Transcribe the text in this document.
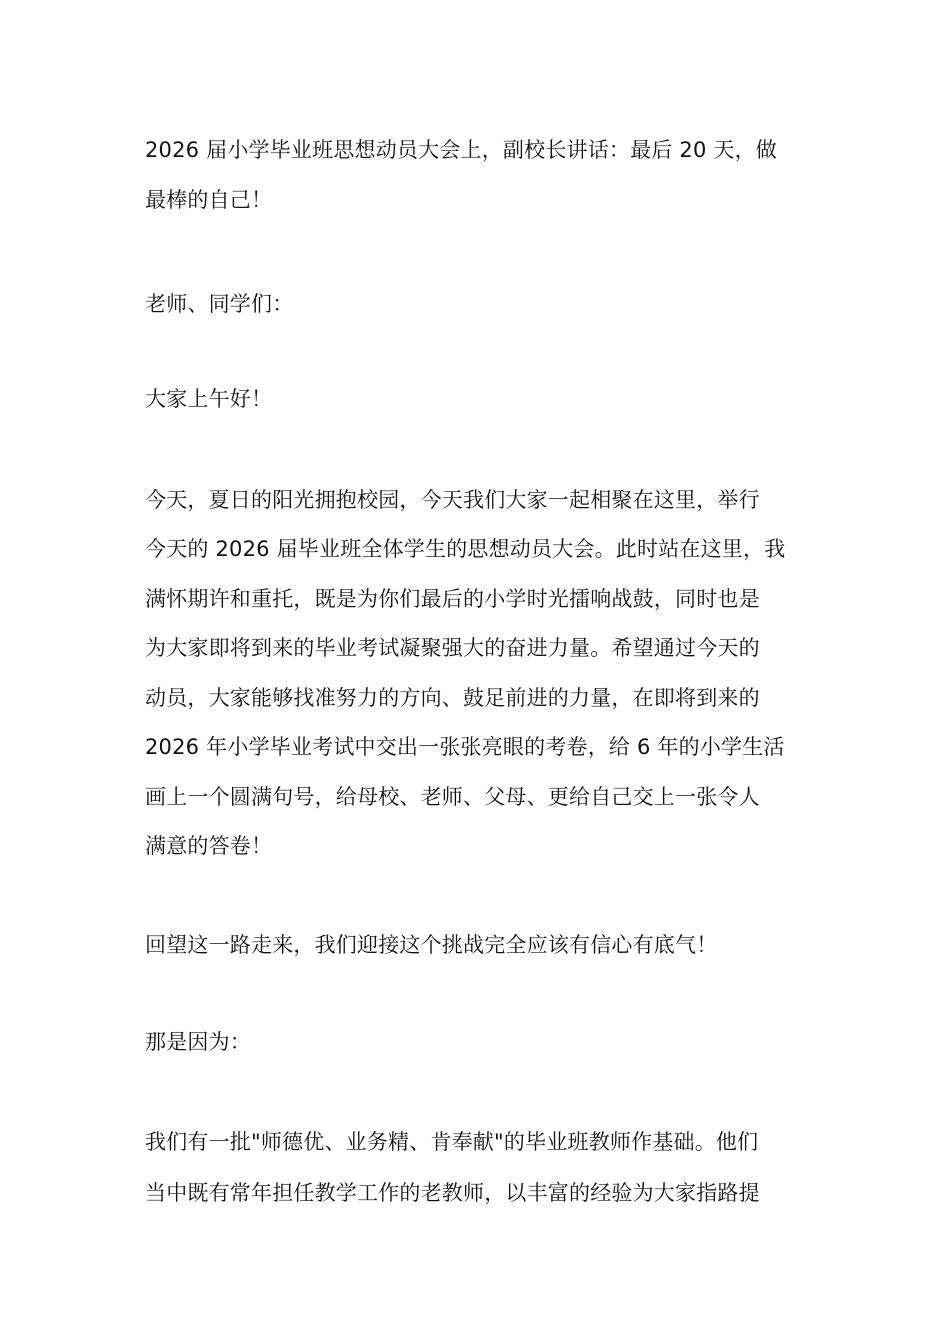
2026 届小学毕业班思想动员大会上，副校长讲话：最后 20 天，做
最棒的自己！
老师、同学们：
大家上午好！
今天，夏日的阳光拥抱校园，今天我们大家一起相聚在这里，举行
今天的 2026 届毕业班全体学生的思想动员大会。此时站在这里，我
满怀期许和重托，既是为你们最后的小学时光擂响战鼓，同时也是
为大家即将到来的毕业考试凝聚强大的奋进力量。希望通过今天的
动员，大家能够找准努力的方向、鼓足前进的力量，在即将到来的
2026 年小学毕业考试中交出一张张亮眼的考卷，给 6 年的小学生活
画上一个圆满句号，给母校、老师、父母、更给自己交上一张令人
满意的答卷！
回望这一路走来，我们迎接这个挑战完全应该有信心有底气！
那是因为：
我们有一批"师德优、业务精、肯奉献"的毕业班教师作基础。他们
当中既有常年担任教学工作的老教师，以丰富的经验为大家指路提
